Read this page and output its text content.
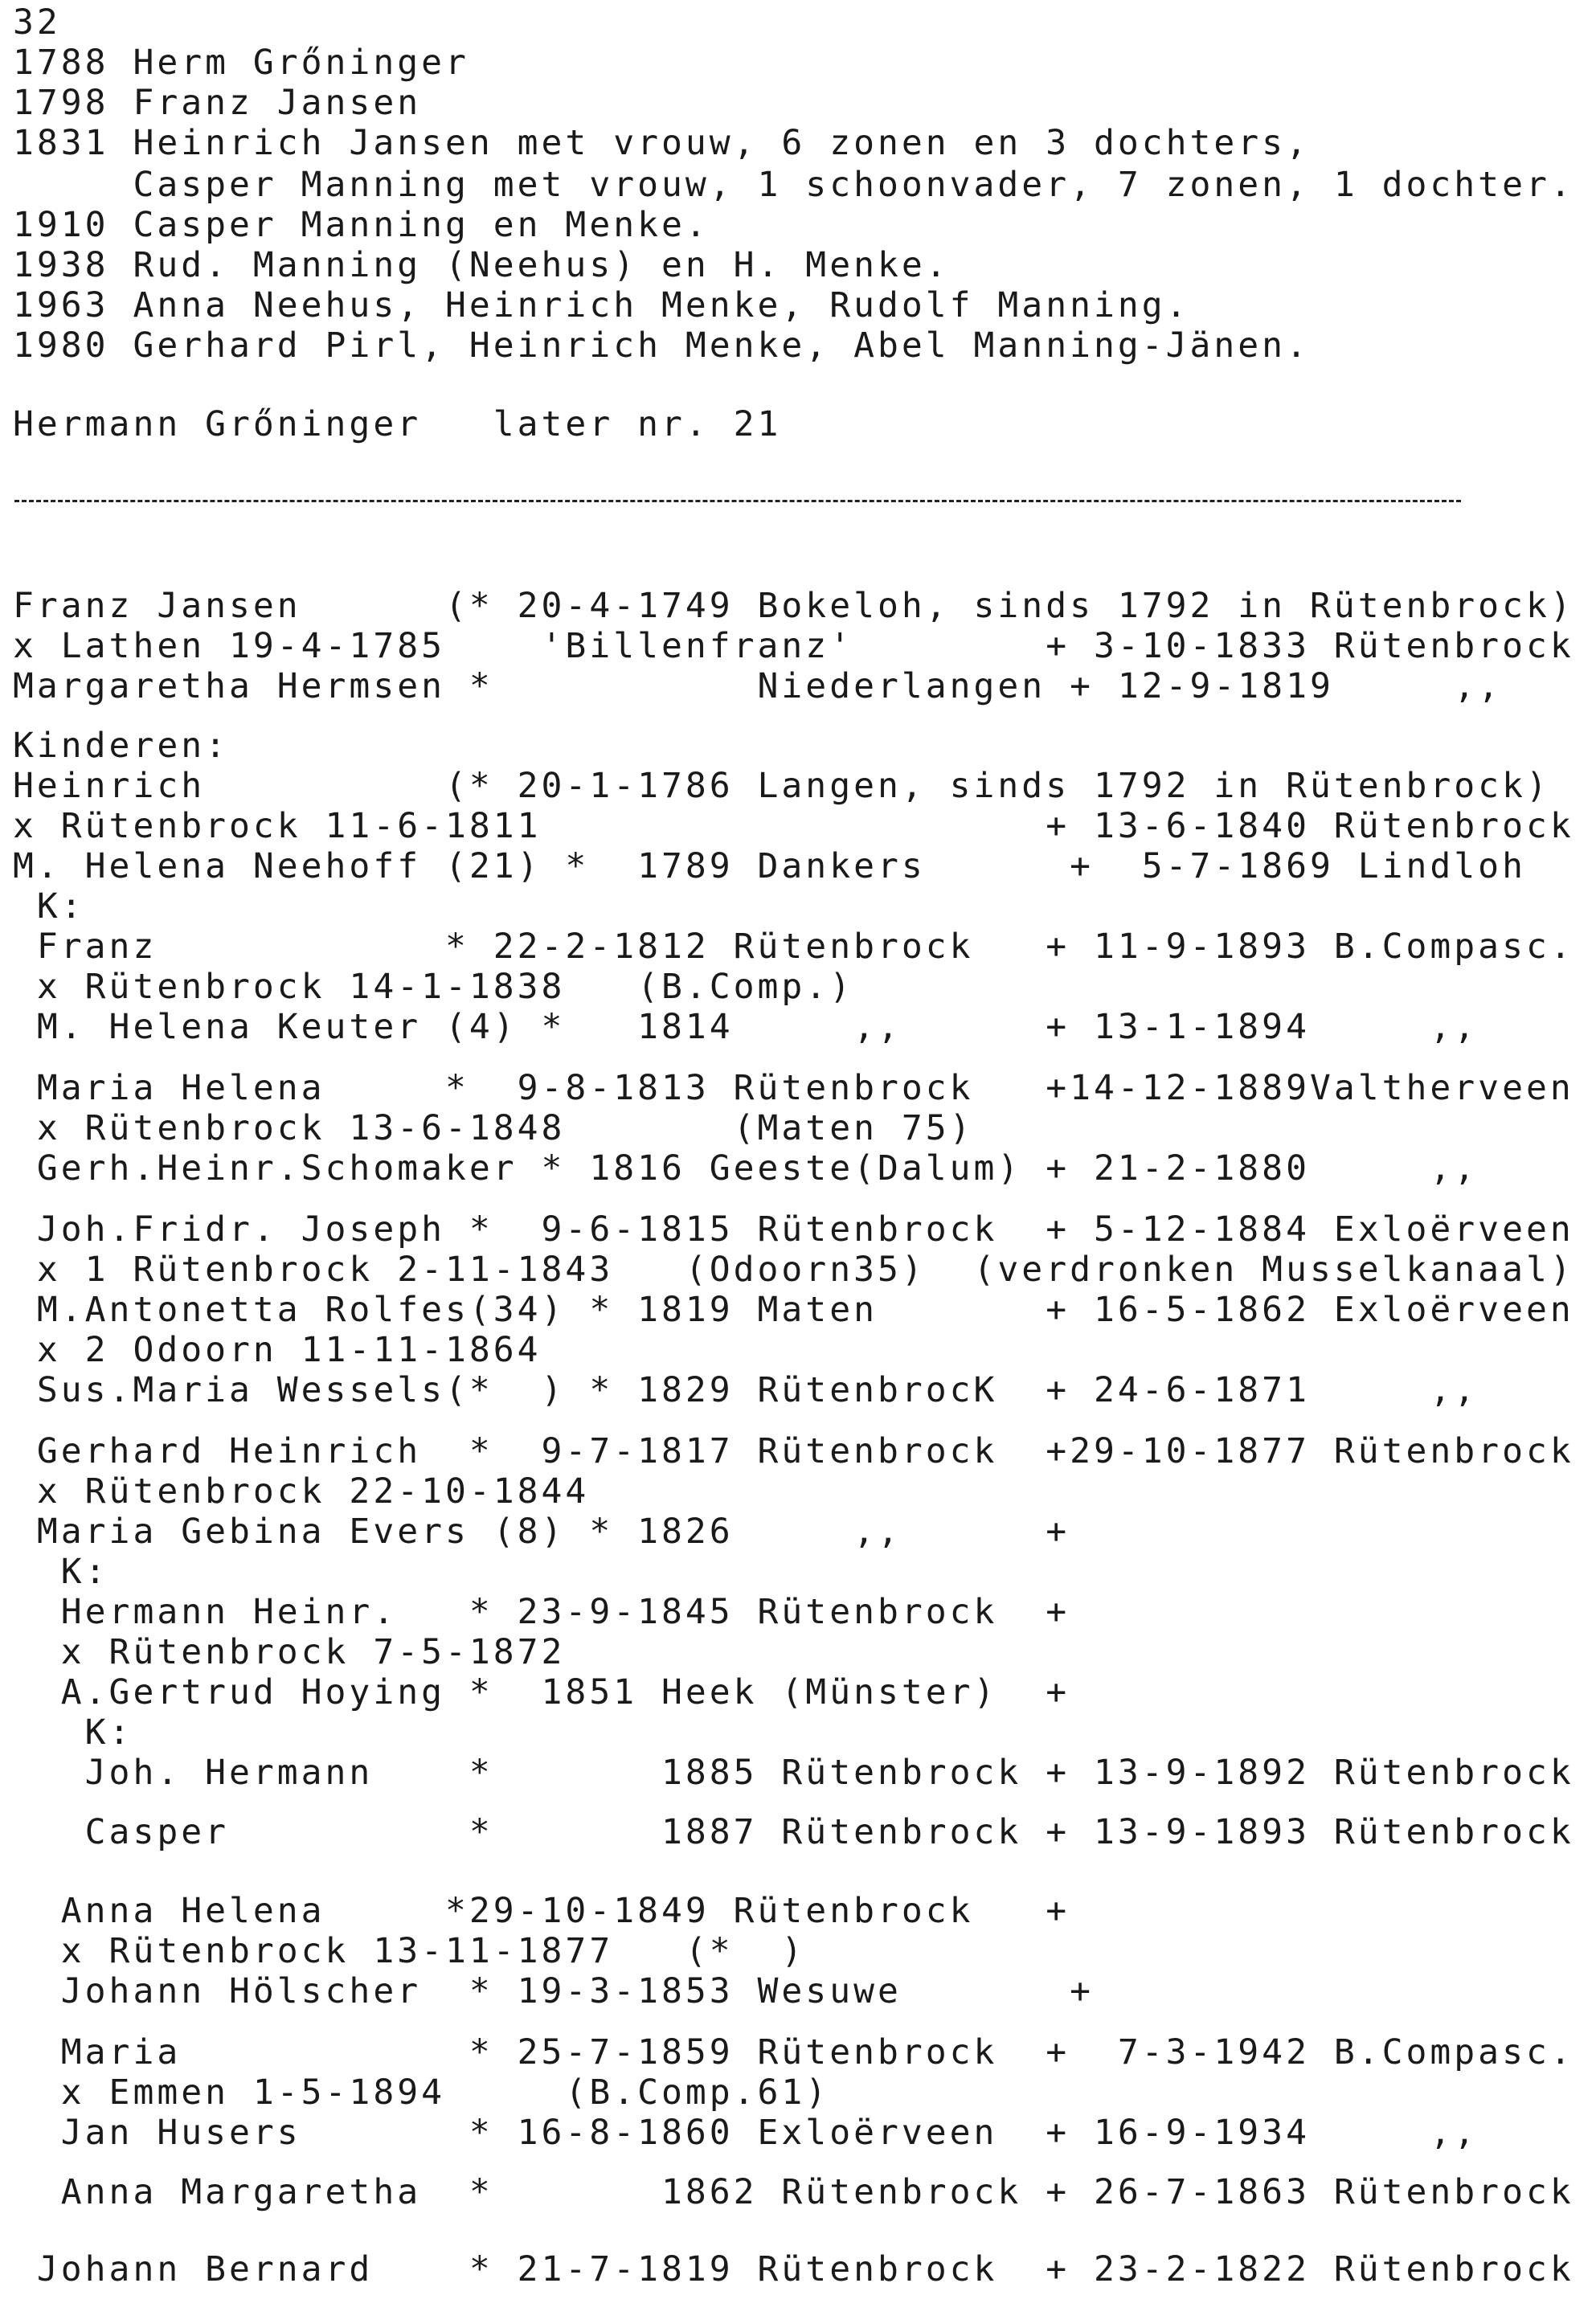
32

1788 Herm Grőninger

1798 Franz Jansen

1831 Heinrich Jansen met vrouw, 6 zonen en 3 dochters,

Casper Manning met vrouw, 1 schoonvader, 7 zonen, 1 dochter.

1910 Casper Manning en Menke.

1938 Rud. Manning (Neehus) en H. Menke.

1963 Anna Neehus, Heinrich Menke, Rudolf Manning.

1980 Gerhard Pirl, Heinrich Menke, Abel Manning-Jänen.

Hermann Grőninger   later nr. 21

Franz Jansen      (* 20-4-1749 Bokeloh, sinds 1792 in Rütenbrock)

x Lathen 19-4-1785    'Billenfranz'        + 3-10-1833 Rütenbrock

Margaretha Hermsen *           Niederlangen + 12-9-1819     ,,

Kinderen:

Heinrich          (* 20-1-1786 Langen, sinds 1792 in Rütenbrock)

x Rütenbrock 11-6-1811                     + 13-6-1840 Rütenbrock

M. Helena Neehoff (21) *  1789 Dankers      +  5-7-1869 Lindloh

K:

Franz            * 22-2-1812 Rütenbrock   + 11-9-1893 B.Compasc.

x Rütenbrock 14-1-1838   (B.Comp.)

M. Helena Keuter (4) *   1814     ,,      + 13-1-1894     ,,

Maria Helena     *  9-8-1813 Rütenbrock   +14-12-1889Valtherveen

x Rütenbrock 13-6-1848       (Maten 75)

Gerh.Heinr.Schomaker * 1816 Geeste(Dalum) + 21-2-1880     ,,

Joh.Fridr. Joseph *  9-6-1815 Rütenbrock  + 5-12-1884 Exloërveen

x 1 Rütenbrock 2-11-1843   (Odoorn35)  (verdronken Musselkanaal)

M.Antonetta Rolfes(34) * 1819 Maten       + 16-5-1862 Exloërveen

x 2 Odoorn 11-11-1864

Sus.Maria Wessels(*  ) * 1829 RütenbrocK  + 24-6-1871     ,,

Gerhard Heinrich  *  9-7-1817 Rütenbrock  +29-10-1877 Rütenbrock

x Rütenbrock 22-10-1844

Maria Gebina Evers (8) * 1826     ,,      +

K:

Hermann Heinr.   * 23-9-1845 Rütenbrock  +

x Rütenbrock 7-5-1872

A.Gertrud Hoying *  1851 Heek (Münster)  +

K:

Joh. Hermann    *       1885 Rütenbrock + 13-9-1892 Rütenbrock

Casper          *       1887 Rütenbrock + 13-9-1893 Rütenbrock

Anna Helena     *29-10-1849 Rütenbrock   +

x Rütenbrock 13-11-1877   (*  )

Johann Hölscher  * 19-3-1853 Wesuwe       +

Maria            * 25-7-1859 Rütenbrock  +  7-3-1942 B.Compasc.

x Emmen 1-5-1894     (B.Comp.61)

Jan Husers       * 16-8-1860 Exloërveen  + 16-9-1934     ,,

Anna Margaretha  *       1862 Rütenbrock + 26-7-1863 Rütenbrock

Johann Bernard    * 21-7-1819 Rütenbrock  + 23-2-1822 Rütenbrock
